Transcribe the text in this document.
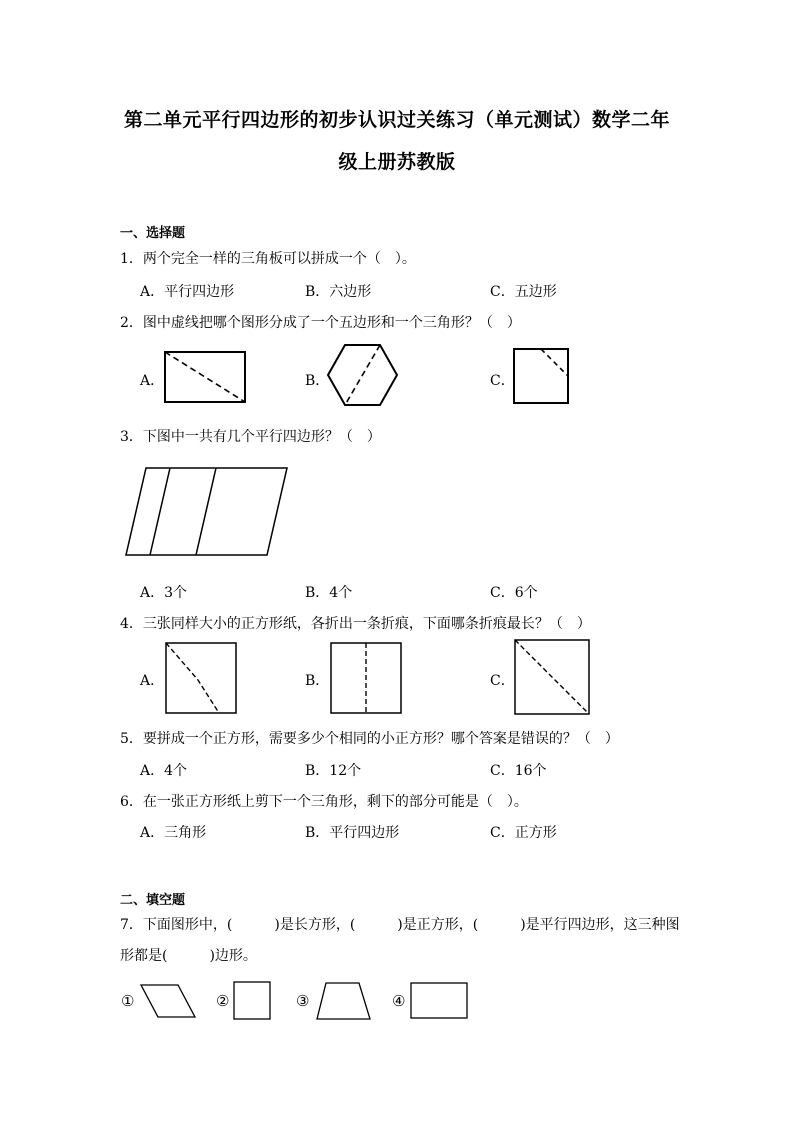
第二单元平行四边形的初步认识过关练习（单元测试）数学二年
级上册苏教版
一、选择题
1．两个完全一样的三角板可以拼成一个（　）。
A．平行四边形	B．六边形	C．五边形
2．图中虚线把哪个图形分成了一个五边形和一个三角形？（　）
A．	B．	C．
3．下图中一共有几个平行四边形？（　）
A．3个	B．4个	C．6个
4．三张同样大小的正方形纸，各折出一条折痕，下面哪条折痕最长？（　）
A．	B．	C．
5．要拼成一个正方形，需要多少个相同的小正方形？哪个答案是错误的？（　）
A．4个	B．12个	C．16个
6．在一张正方形纸上剪下一个三角形，剩下的部分可能是（　）。
A．三角形	B．平行四边形	C．正方形
二、填空题
7．下面图形中，(　　　)是长方形，(　　　)是正方形，(　　　)是平行四边形，这三种图
形都是(　　　)边形。
①	②	③	④
